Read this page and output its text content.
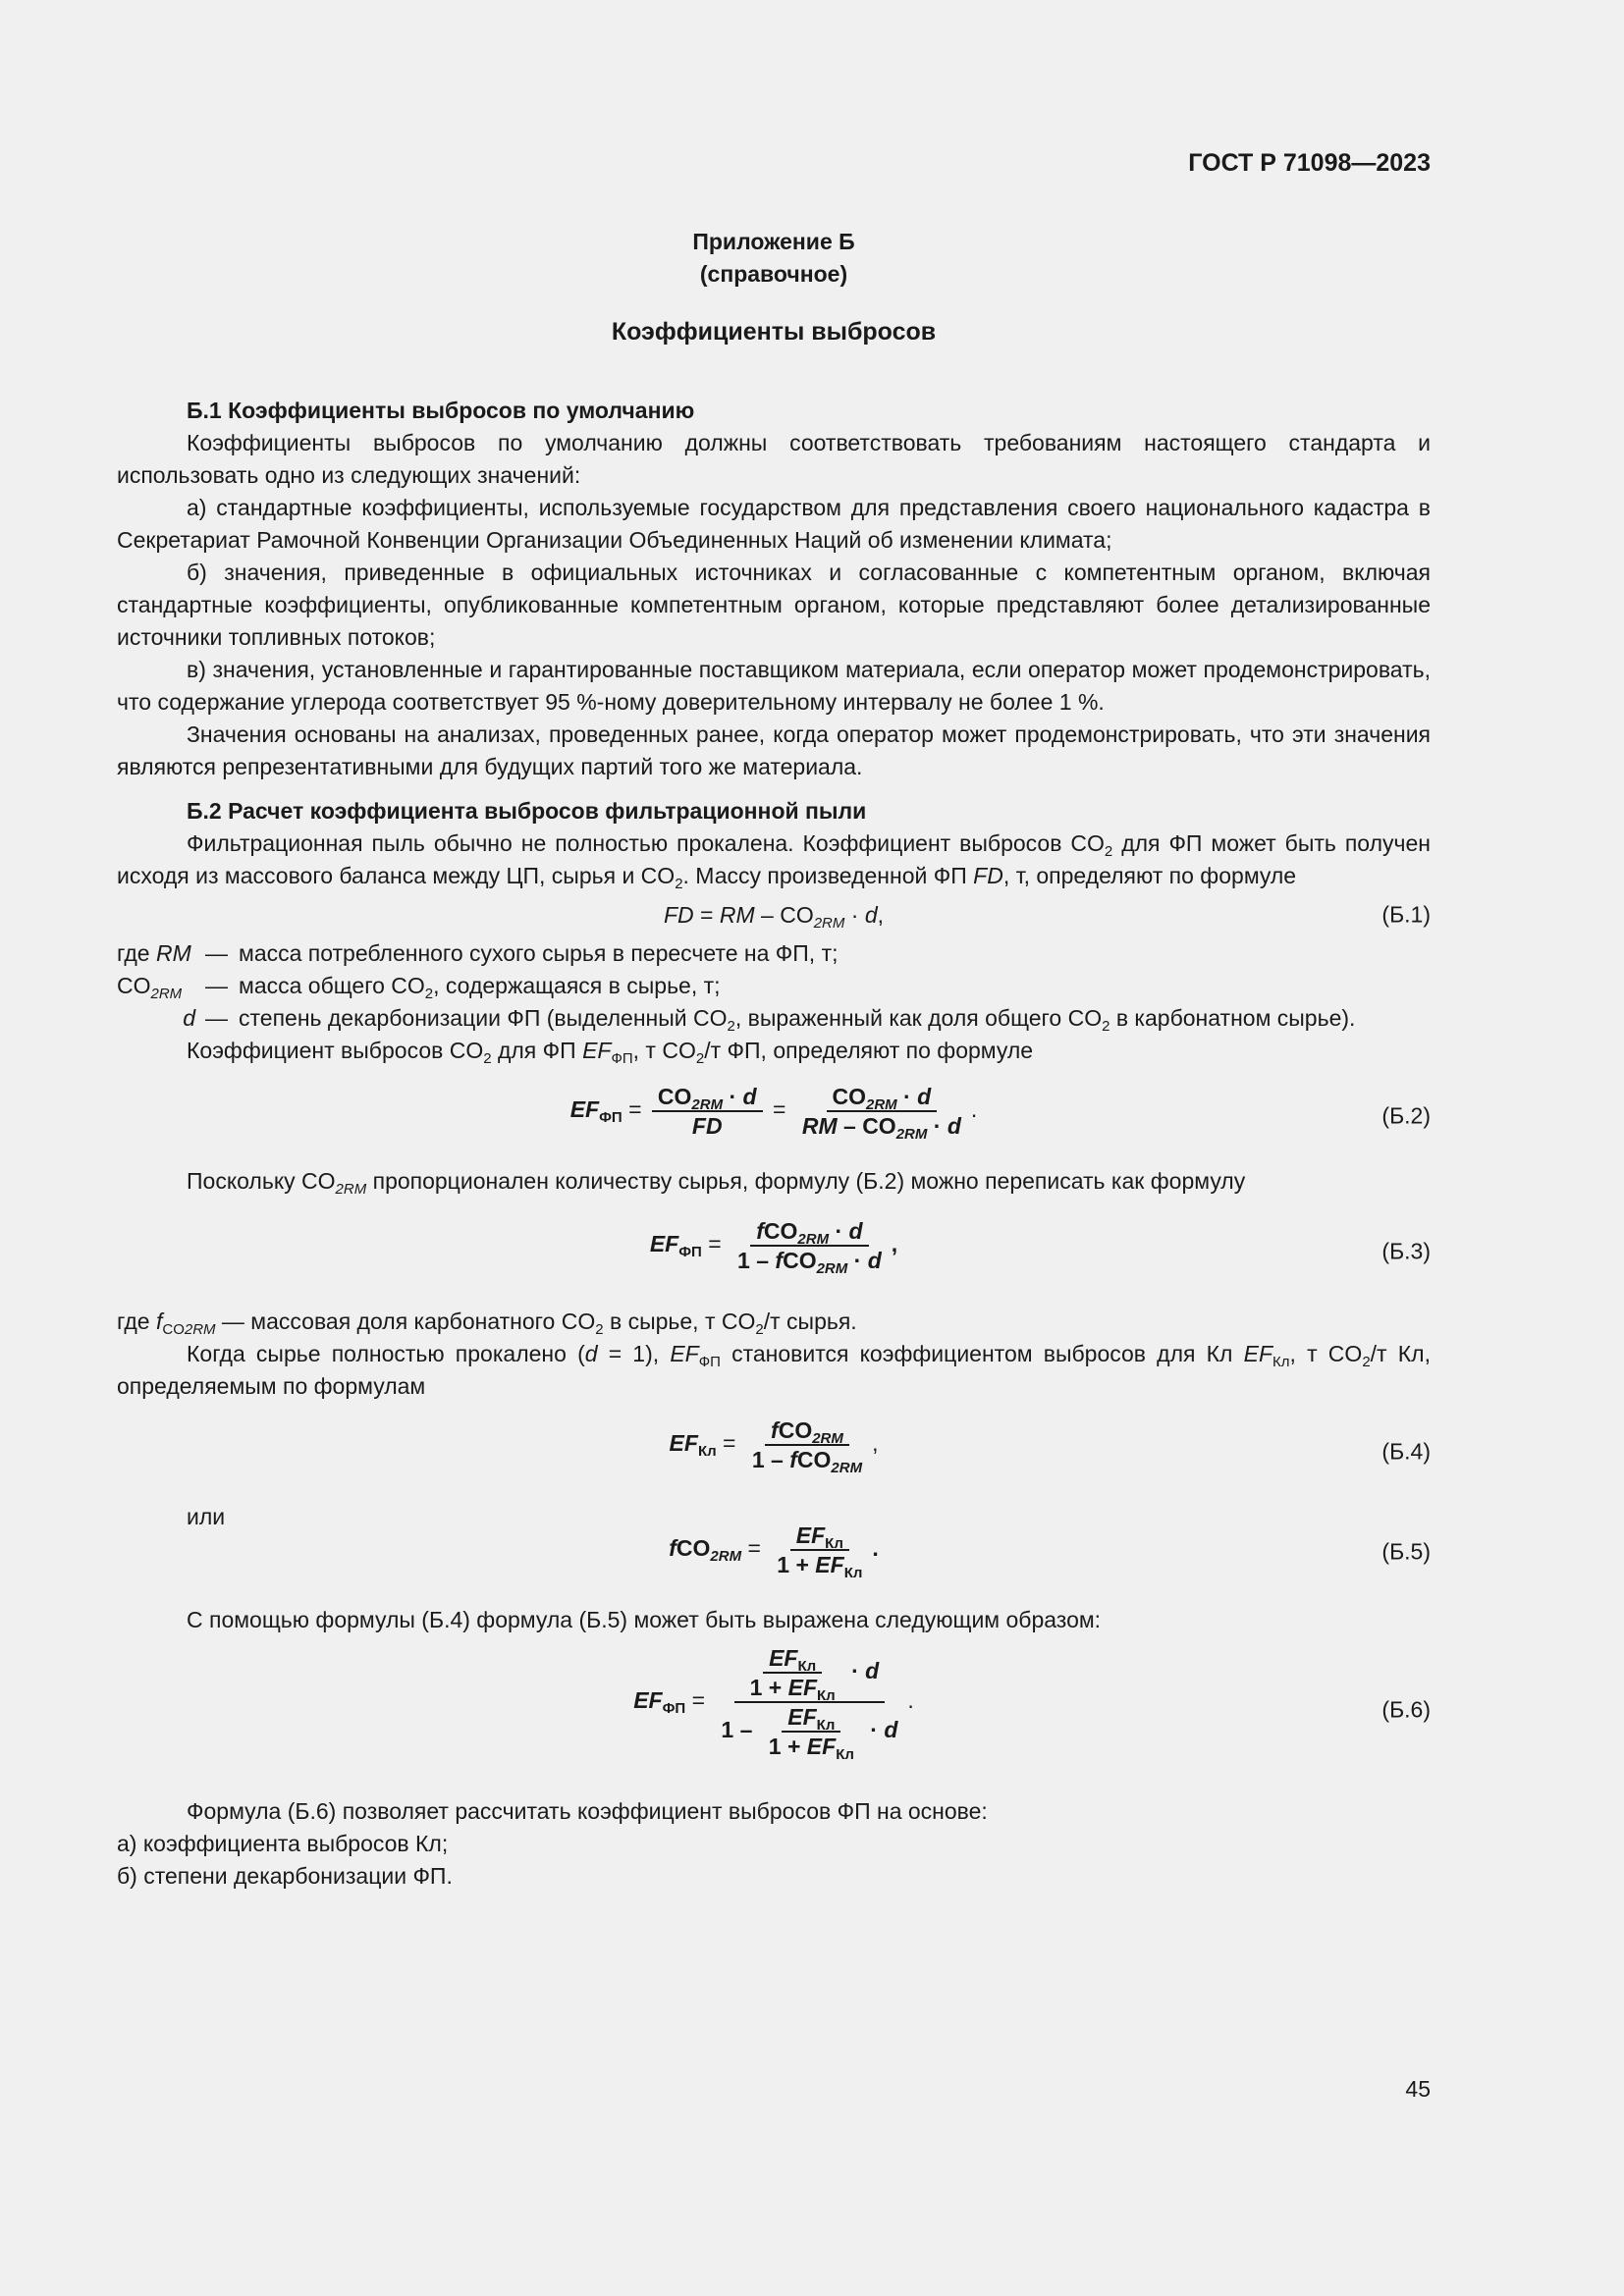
ГОСТ Р 71098—2023
Приложение Б
(справочное)
Коэффициенты выбросов
Б.1 Коэффициенты выбросов по умолчанию

Коэффициенты выбросов по умолчанию должны соответствовать требованиям настоящего стандарта и использовать одно из следующих значений:

а) стандартные коэффициенты, используемые государством для представления своего национального кадастра в Секретариат Рамочной Конвенции Организации Объединенных Наций об изменении климата;

б) значения, приведенные в официальных источниках и согласованные с компетентным органом, включая стандартные коэффициенты, опубликованные компетентным органом, которые представляют более детализированные источники топливных потоков;

в) значения, установленные и гарантированные поставщиком материала, если оператор может продемонстрировать, что содержание углерода соответствует 95 %-ному доверительному интервалу не более 1 %.

Значения основаны на анализах, проведенных ранее, когда оператор может продемонстрировать, что эти значения являются репрезентативными для будущих партий того же материала.

Б.2 Расчет коэффициента выбросов фильтрационной пыли

Фильтрационная пыль обычно не полностью прокалена. Коэффициент выбросов $CO_2$ для ФП может быть получен исходя из массового баланса между ЦП, сырья и $CO_2$. Массу произведенной ФП FD, т, определяют по формуле

FD = RM – $CO_{2RM} \cdot d$,	(Б.1)
где RM	—	масса потребленного сухого сырья в пересчете на ФП, т;
$CO_{2RM}$	—	масса общего $CO_2$, содержащаяся в сырье, т;
d	—	степень декарбонизации ФП (выделенный $CO_2$, выраженный как доля общего $CO_2$ в карбонатном сырье).

Коэффициент выбросов $CO_2$ для ФП $EF_{ФП}$, т $CO_2/т$ ФП, определяют по формуле

$EF_{ФП} = \frac{CO_{2RM} \cdot d}{FD} = \frac{CO_{2RM} \cdot d}{RM - CO_{2RM} \cdot d}$ .	(Б.2)

Поскольку $CO_{2RM}$ пропорционален количеству сырья, формулу (Б.2) можно переписать как формулу

$EF_{ФП} = \frac{fCO_{2RM} \cdot d}{1 - fCO_{2RM} \cdot d}$ ,	(Б.3)

где $f_{CO2RM}$ — массовая доля карбонатного $CO_2$ в сырье, т $CO_2/т$ сырья.

Когда сырье полностью прокалено (d = 1), $EF_{ФП}$ становится коэффициентом выбросов для Кл $EF_{Кл}$, т $CO_2/т$ Кл, определяемым по формулам

$EF_{Кл} = \frac{fCO_{2RM}}{1 - fCO_{2RM}}$ ,	(Б.4)

или

$fCO_{2RM} = \frac{EF_{Кл}}{1 + EF_{Кл}}$ .	(Б.5)

С помощью формулы (Б.4) формула (Б.5) может быть выражена следующим образом:

$EF_{ФП} = \frac{EF_{Кл}}{1 + EF_{Кл}} \cdot d$
$1 - \frac{EF_{Кл}}{1 + EF_{Кл}} \cdot d$
.	(Б.6)

Формула (Б.6) позволяет рассчитать коэффициент выбросов ФП на основе:

а) коэффициента выбросов Кл;

б) степени декарбонизации ФП.

45
